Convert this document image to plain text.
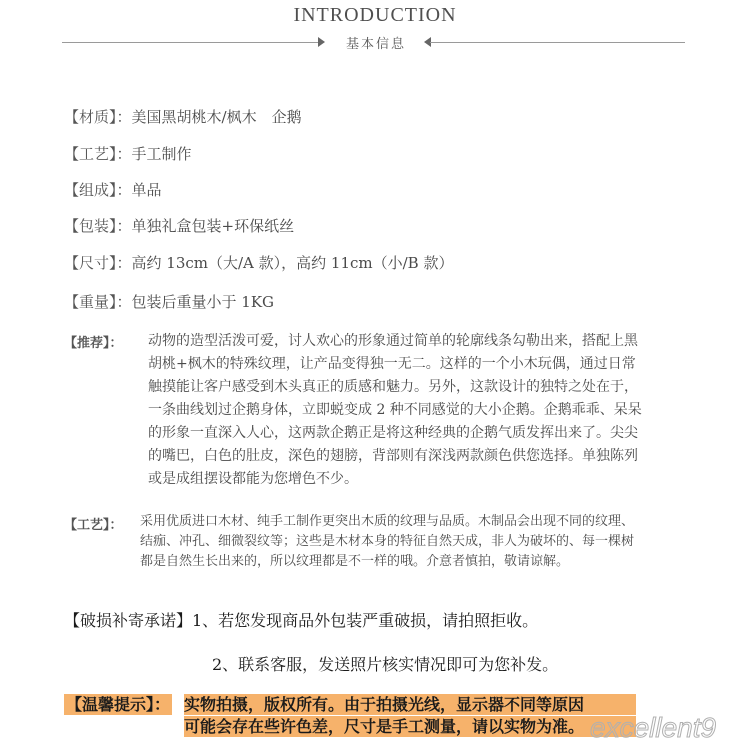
INTRODUCTION
基本信息
【材质】：美国黑胡桃木/枫木　企鹅
【工艺】：手工制作
【组成】：单品
【包装】：单独礼盒包装+环保纸丝
【尺寸】：高约 13cm（大/A 款），高约 11cm（小/B 款）
【重量】：包装后重量小于 1KG
【推荐】： 动物的造型活泼可爱，讨人欢心的形象通过简单的轮廓线条勾勒出来，搭配上黑胡桃+枫木的特殊纹理，让产品变得独一无二。这样的一个小木玩偶，通过日常触摸能让客户感受到木头真正的质感和魅力。另外，这款设计的独特之处在于，一条曲线划过企鹅身体，立即蜕变成 2 种不同感觉的大小企鹅。企鹅乖乖、呆呆的形象一直深入人心，这两款企鹅正是将这种经典的企鹅气质发挥出来了。尖尖的嘴巴，白色的肚皮，深色的翅膀，背部则有深浅两款颜色供您选择。单独陈列或是成组摆设都能为您增色不少。

【工艺】： 采用优质进口木材、纯手工制作更突出木质的纹理与品质。木制品会出现不同的纹理、结痂、冲孔、细微裂纹等；这些是木材本身的特征自然天成，非人为破坏的、每一棵树都是自然生长出来的，所以纹理都是不一样的哦。介意者慎拍，敬请谅解。

【破损补寄承诺】1、若您发现商品外包装严重破损，请拍照拒收。
2、联系客服，发送照片核实情况即可为您补发。
【温馨提示】： 实物拍摄，版权所有。由于拍摄光线，显示器不同等原因
可能会存在些许色差，尺寸是手工测量，请以实物为准。 excellent9
